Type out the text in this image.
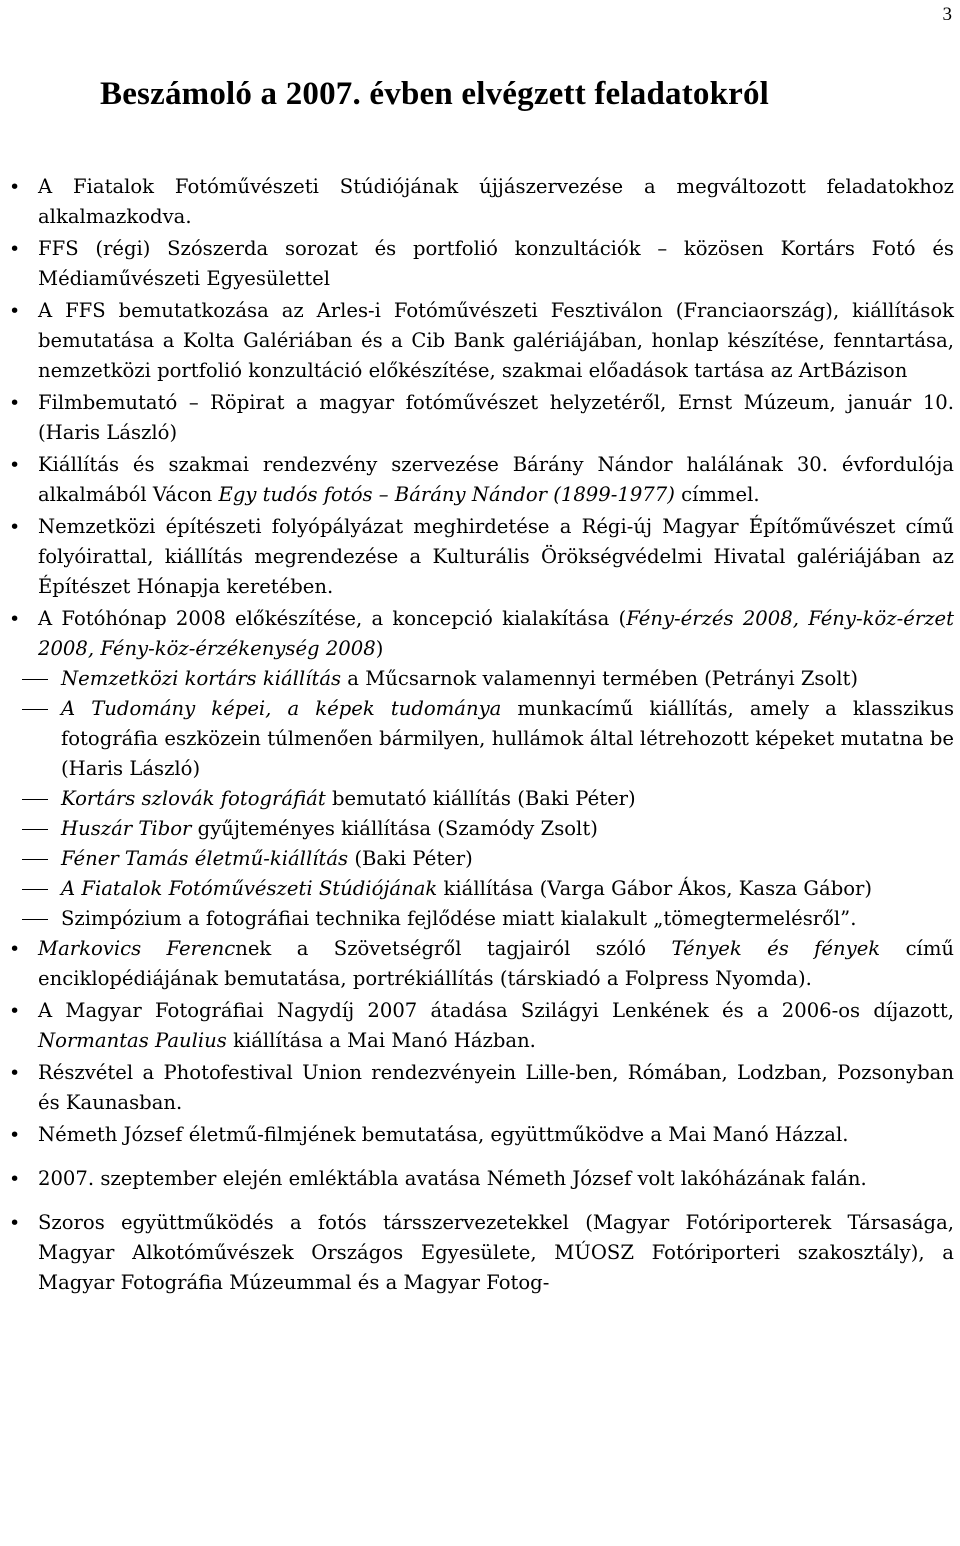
3
Beszámoló a 2007. évben elvégzett feladatokról
• A Fiatalok Fotóművészeti Stúdiójának újjászervezése a megváltozott feladatokhoz alkalmazkodva.
• FFS (régi) Szószerda sorozat és portfolió konzultációk – közösen Kortárs Fotó és Médiaművészeti Egyesülettel
• A FFS bemutatkozása az Arles-i Fotóművészeti Fesztiválon (Franciaország), kiállítások bemutatása a Kolta Galériában és a Cib Bank galériájában, honlap készítése, fenntartása, nemzetközi portfolió konzultáció előkészítése, szakmai előadások tartása az ArtBázison
• Filmbemutató – Röpirat a magyar fotóművészet helyzetéről, Ernst Múzeum, január 10. (Haris László)
• Kiállítás és szakmai rendezvény szervezése Bárány Nándor halálának 30. évfordulója alkalmából Vácon Egy tudós fotós – Bárány Nándor (1899-1977) címmel.
• Nemzetközi építészeti folyópályázat meghirdetése a Régi-új Magyar Építőművészet című folyóirattal, kiállítás megrendezése a Kulturális Örökségvédelmi Hivatal galériájában az Építészet Hónapja keretében.
• A Fotóhónap 2008 előkészítése, a koncepció kialakítása (Fény-érzés 2008, Fény-köz-érzet 2008, Fény-köz-érzékenység 2008)
Nemzetközi kortárs kiállítás a Műcsarnok valamennyi termében (Petrányi Zsolt)
A Tudomány képei, a képek tudománya munkacímű kiállítás, amely a klasszikus fotográfia eszközein túlmenően bármilyen, hullámok által létrehozott képeket mutatna be (Haris László)
Kortárs szlovák fotográfiát bemutató kiállítás (Baki Péter)
Huszár Tibor gyűjteményes kiállítása (Szamódy Zsolt)
Féner Tamás életmű-kiállítás (Baki Péter)
A Fiatalok Fotóművészeti Stúdiójának kiállítása (Varga Gábor Ákos, Kasza Gábor)
Szimpózium a fotográfiai technika fejlődése miatt kialakult „tömegtermelésről”.
• Markovics Ferencnek a Szövetségről tagjairól szóló Tények és fények című enciklopédiájának bemutatása, portrékiállítás (társkiadó a Folpress Nyomda).
• A Magyar Fotográfiai Nagydíj 2007 átadása Szilágyi Lenkének és a 2006-os díjazott, Normantas Paulius kiállítása a Mai Manó Házban.
• Részvétel a Photofestival Union rendezvényein Lille-ben, Rómában, Lodzban, Pozsonyban és Kaunasban.
• Németh József életmű-filmjének bemutatása, együttműködve a Mai Manó Házzal.
• 2007. szeptember elején emléktábla avatása Németh József volt lakóházának falán.
• Szoros együttműködés a fotós társszervezetekkel (Magyar Fotóriporterek Társasága, Magyar Alkotóművészek Országos Egyesülete, MÚOSZ Fotóriporteri szakosztály), a Magyar Fotográfia Múzeummal és a Magyar Fotog-
